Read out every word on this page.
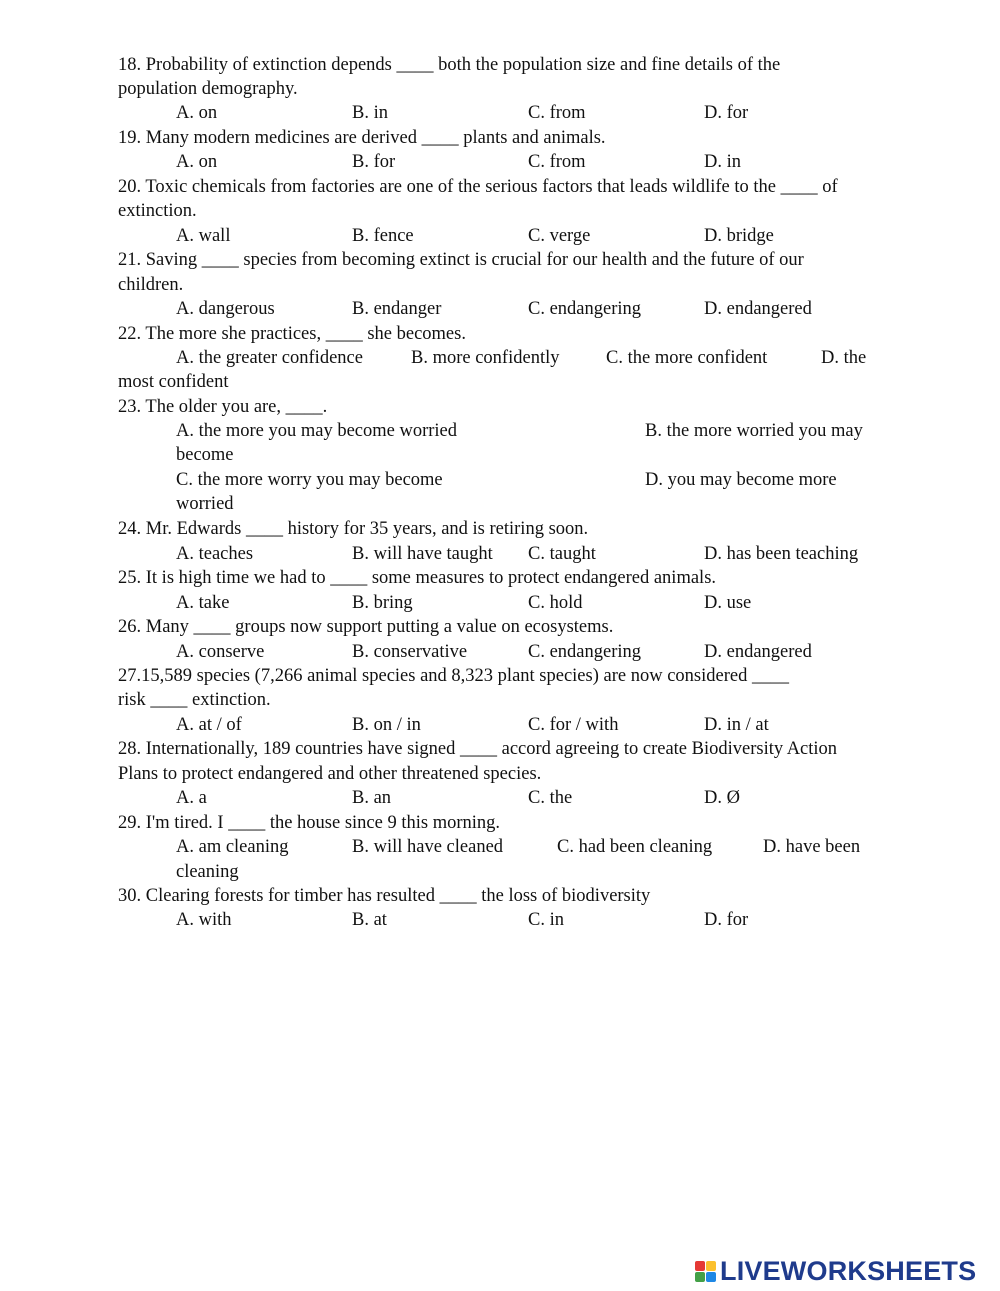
18. Probability of extinction depends ____ both the population size and fine details of the
population demography.
A. on	B. in	C. from	D. for
19. Many modern medicines are derived ____ plants and animals.
A. on	B. for	C. from	D. in
20. Toxic chemicals from factories are one of the serious factors that leads wildlife to the ____ of
extinction.
A. wall	B. fence	C. verge	D. bridge
21. Saving ____ species from becoming extinct is crucial for our health and the future of our
children.
A. dangerous	B. endanger	C. endangering	D. endangered
22. The more she practices, ____ she becomes.
A. the greater confidence	B. more confidently	C. the more confident	D. the
most confident
23. The older you are, ____.
A. the more you may become worried	B. the more worried you may
become
C. the more worry you may become	D. you may become more
worried
24. Mr. Edwards ____ history for 35 years, and is retiring soon.
A. teaches	B. will have taught C. taught	D. has been teaching
25. It is high time we had to ____ some measures to protect endangered animals.
A. take	B. bring	C. hold	D. use
26. Many ____ groups now support putting a value on ecosystems.
A. conserve	B. conservative	C. endangering	D. endangered
27.15,589 species (7,266 animal species and 8,323 plant species) are now considered ____
risk ____ extinction.
A. at / of	B. on / in	C. for / with	D. in / at
28. Internationally, 189 countries have signed ____ accord agreeing to create Biodiversity Action
Plans to protect endangered and other threatened species.
A. a	B. an	C. the	D. Ø
29. I'm tired. I ____ the house since 9 this morning.
A. am cleaning	B. will have cleaned	C. had been cleaning	D. have been
cleaning
30. Clearing forests for timber has resulted ____ the loss of biodiversity
A. with	B. at	C. in	D. for
LIVEWORKSHEETS
